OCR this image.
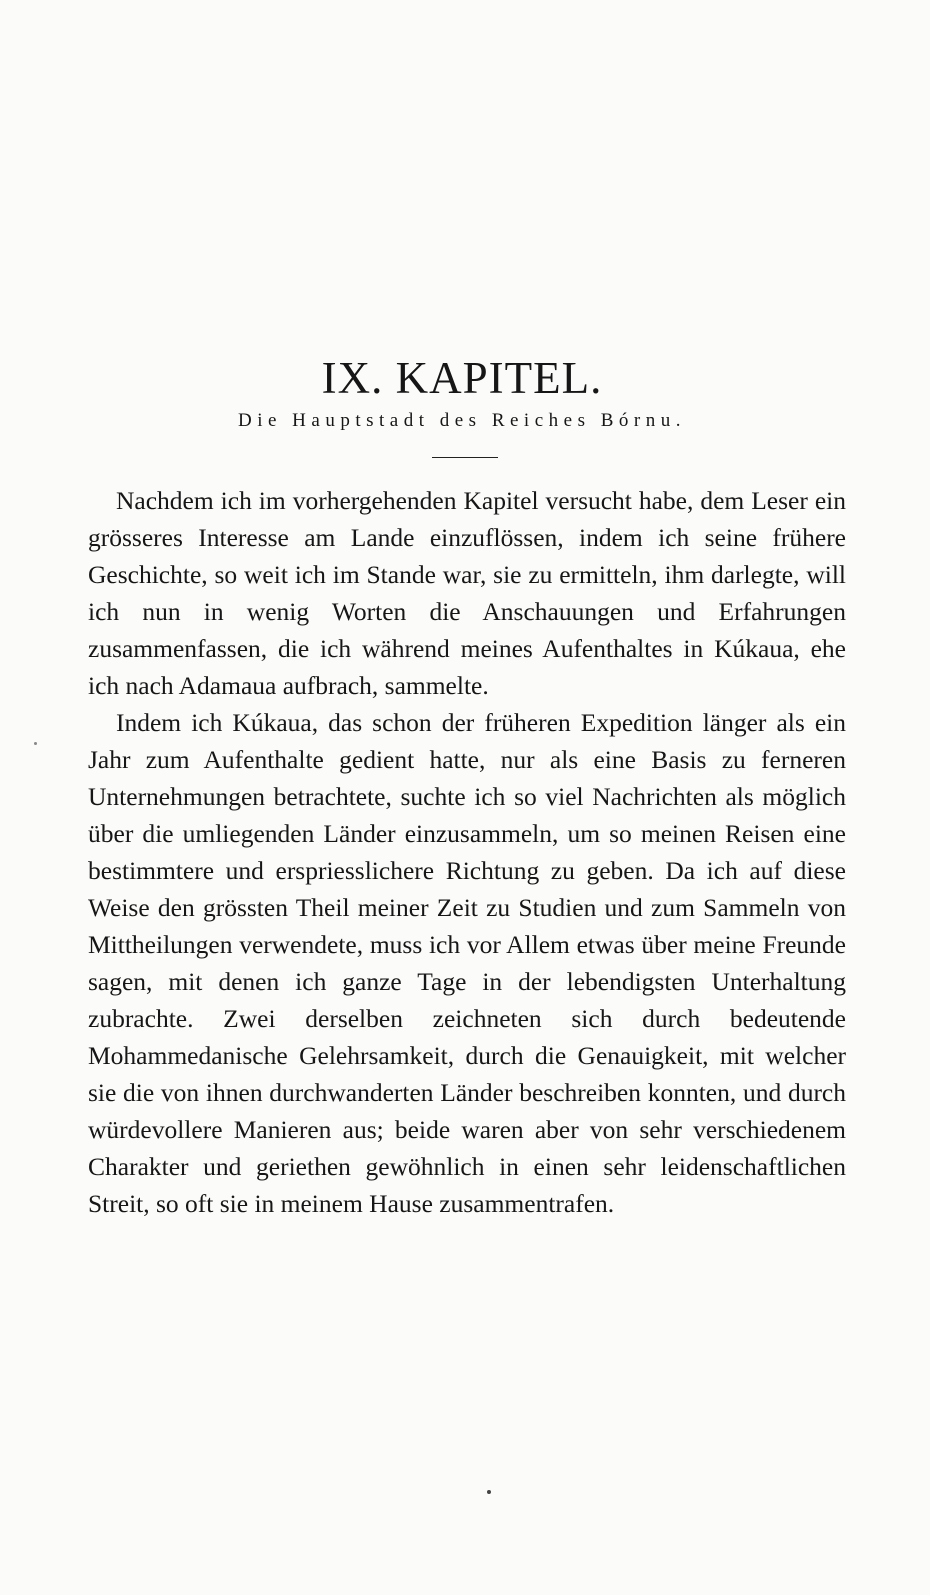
IX. KAPITEL.
Die Hauptstadt des Reiches Bórnu.

Nachdem ich im vorhergehenden Kapitel versucht habe, dem Leser ein grösseres Interesse am Lande einzuflössen, indem ich seine frühere Geschichte, so weit ich im Stande war, sie zu ermitteln, ihm darlegte, will ich nun in wenig Worten die Anschauungen und Erfahrungen zusammenfassen, die ich während meines Aufenthaltes in Kúkaua, ehe ich nach Adamaua aufbrach, sammelte.

Indem ich Kúkaua, das schon der früheren Expedition länger als ein Jahr zum Aufenthalte gedient hatte, nur als eine Basis zu ferneren Unternehmungen betrachtete, suchte ich so viel Nachrichten als möglich über die umliegenden Länder einzusammeln, um so meinen Reisen eine bestimmtere und erspriesslichere Richtung zu geben. Da ich auf diese Weise den grössten Theil meiner Zeit zu Studien und zum Sammeln von Mittheilungen verwendete, muss ich vor Allem etwas über meine Freunde sagen, mit denen ich ganze Tage in der lebendigsten Unterhaltung zubrachte. Zwei derselben zeichneten sich durch bedeutende Mohammedanische Gelehrsamkeit, durch die Genauigkeit, mit welcher sie die von ihnen durchwanderten Länder beschreiben konnten, und durch würdevollere Manieren aus; beide waren aber von sehr verschiedenem Charakter und geriethen gewöhnlich in einen sehr leidenschaftlichen Streit, so oft sie in meinem Hause zusammentrafen.
